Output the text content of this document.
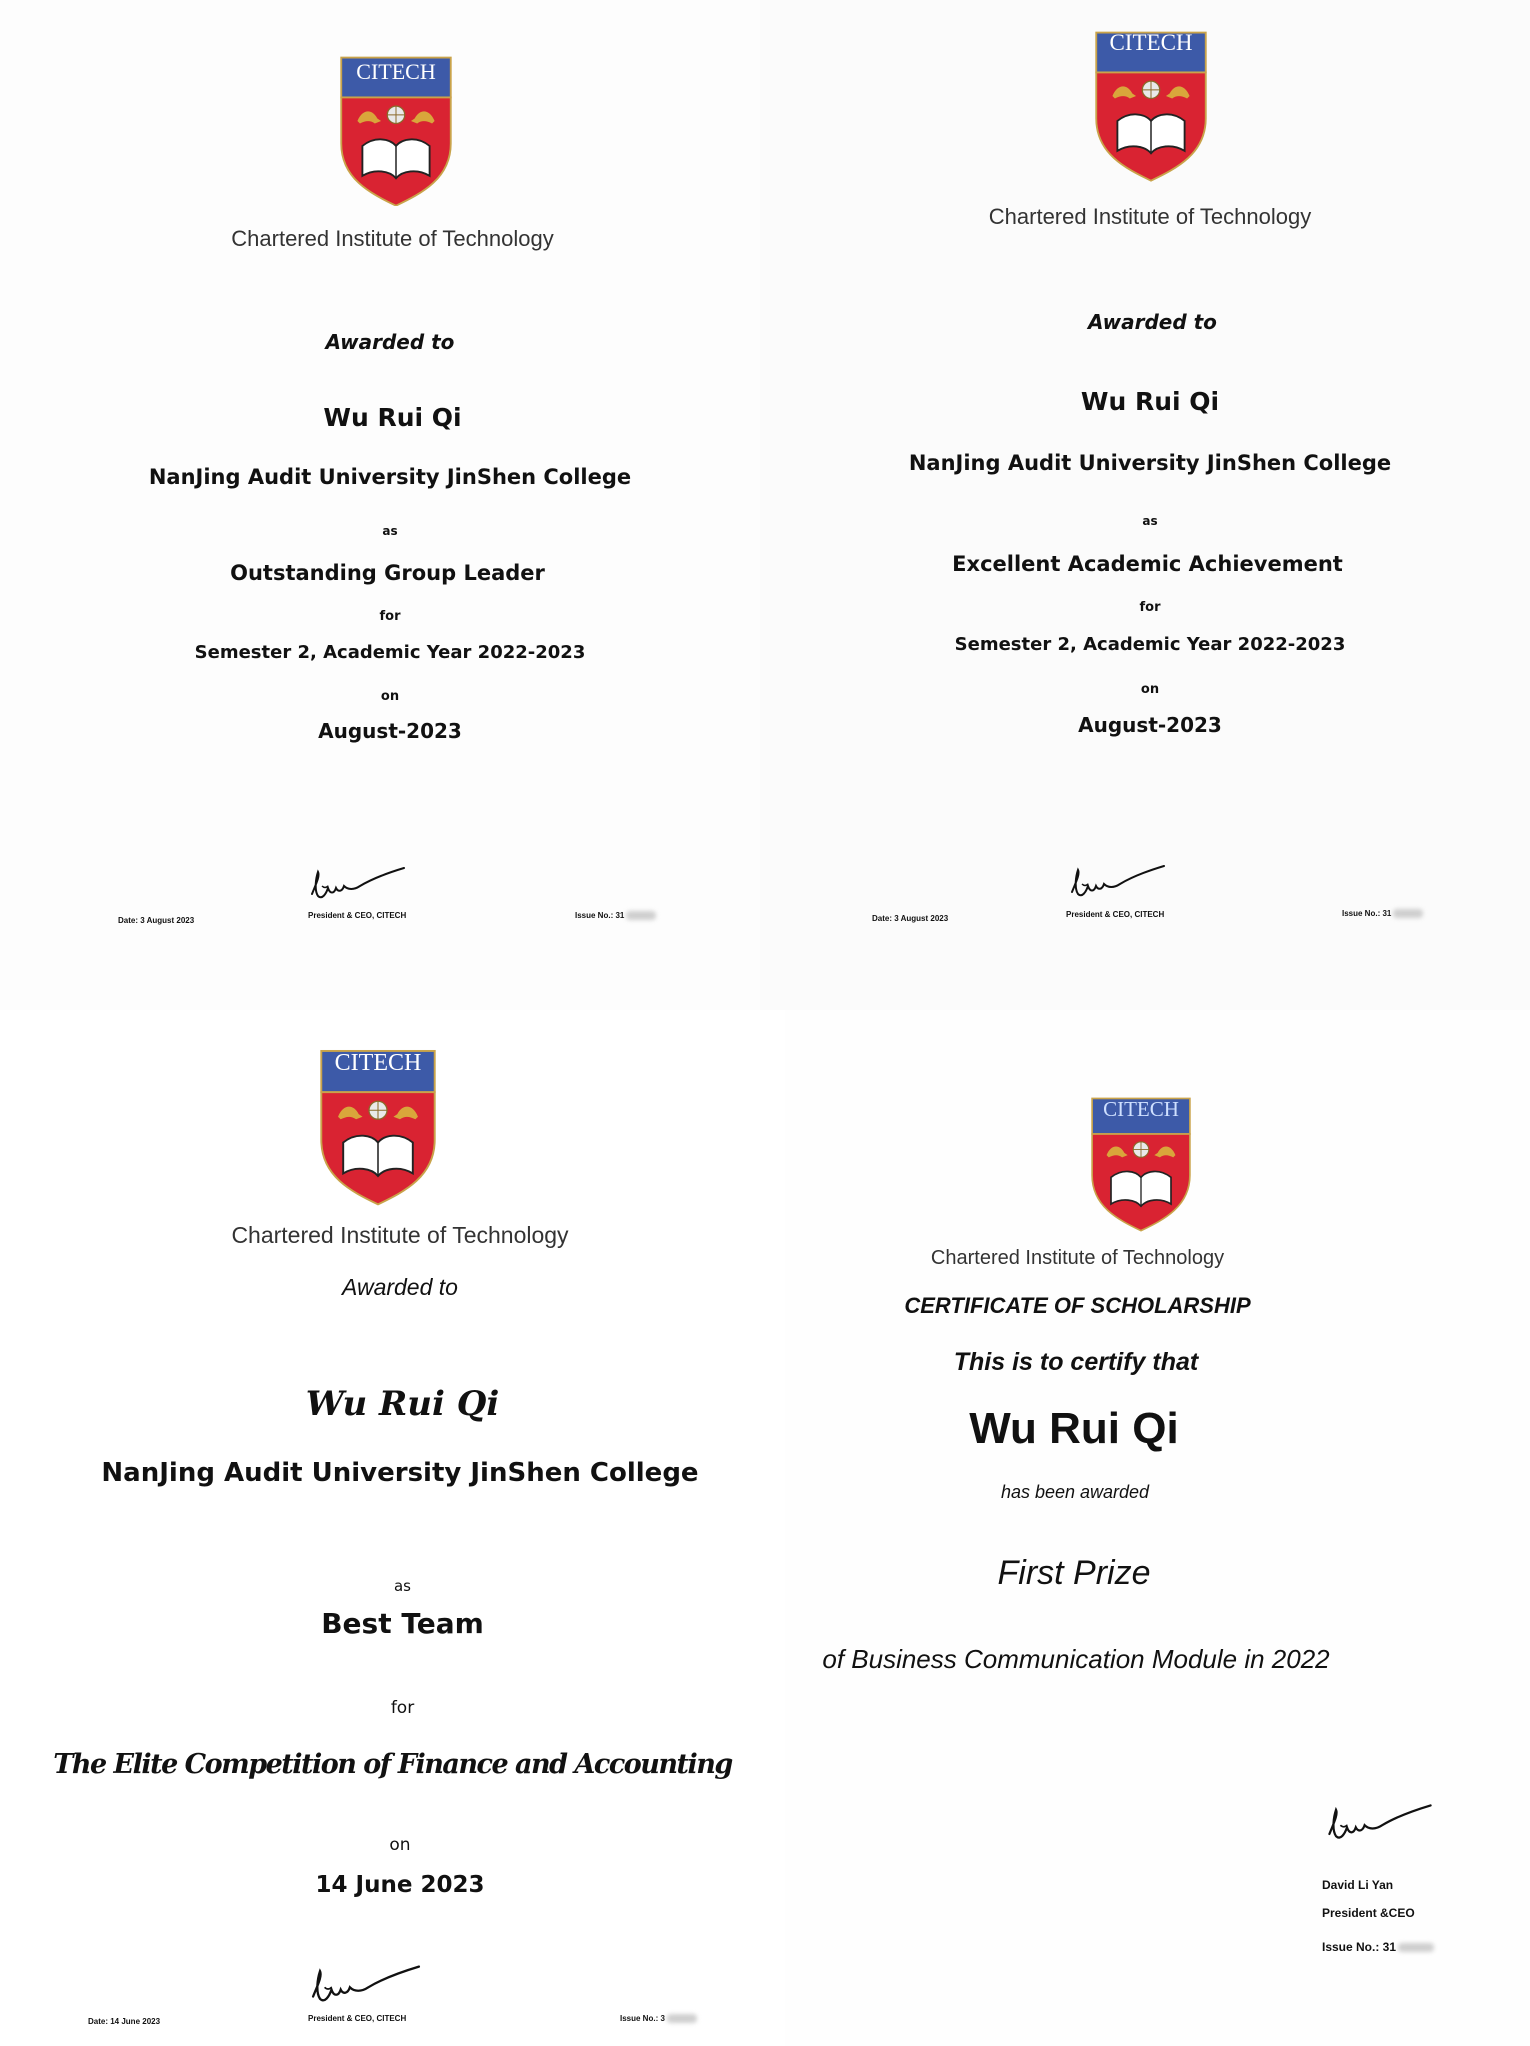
CITECH
Chartered Institute of Technology
Awarded to
Wu Rui Qi
NanJing Audit University JinShen College
as
Outstanding Group Leader
for
Semester 2, Academic Year 2022-2023
on
August-2023
Date: 3 August 2023
President & CEO, CITECH	Issue No.: 31
CITECH
Chartered Institute of Technology
Awarded to
Wu Rui Qi
NanJing Audit University JinShen College
as
Excellent Academic Achievement
for
Semester 2, Academic Year 2022-2023
on
August-2023
Date: 3 August 2023	President & CEO, CITECH	Issue No.: 31
CITECH
Chartered Institute of Technology
Awarded to
Wu Rui Qi
NanJing Audit University JinShen College
as
Best Team
for
The Elite Competition of Finance and Accounting
on
14 June 2023
Date: 14 June 2023	President & CEO, CITECH	Issue No.: 3
CITECH
Chartered Institute of Technology
CERTIFICATE OF SCHOLARSHIP
This is to certify that
Wu Rui Qi
has been awarded
First Prize
of Business Communication Module in 2022
David Li Yan
President &CEO
Issue No.: 31
